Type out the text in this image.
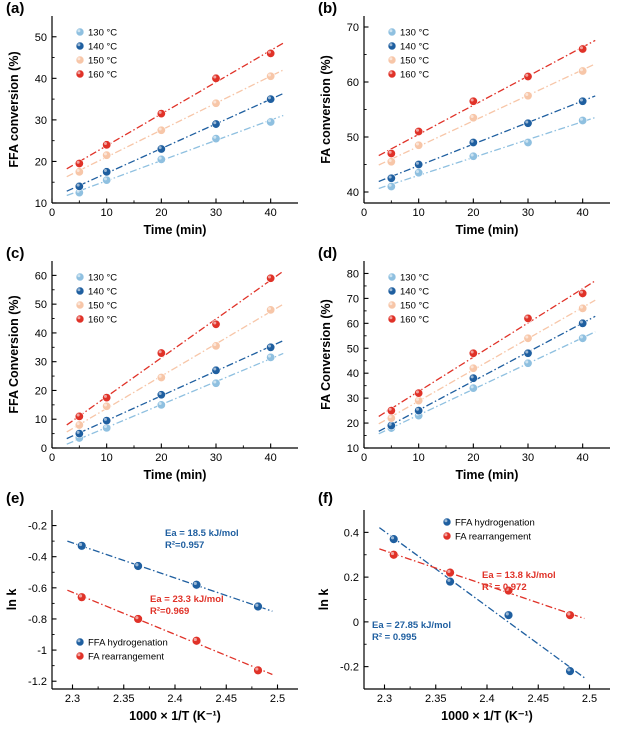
(a)
0	10	20	30	40
10
20
30
40
50
Time (min)
FFA conversion (%)
130 °C
140 °C
150 °C
160 °C
(b)
0	10	20	30	40
40
50
60
70
Time (min)
FA conversion (%)
130 °C
140 °C
150 °C
160 °C
(c)
0	10	20	30	40
0
10
20
30
40
50
60
Time (min)
FFA Conversion (%)
130 °C
140 °C
150 °C
160 °C
(d)
0	10	20	30	40
10
20
30
40
50
60
70
80
Time (min)
FA Conversion (%)
130 °C
140 °C
150 °C
160 °C
(e)
2.3	2.35	2.4	2.45	2.5
-1.2
-1
-0.8
-0.6
-0.4
-0.2
1000 × 1/T (K⁻¹)
ln k
FFA hydrogenation
FA rearrangement
Ea = 18.5 kJ/mol
R²=0.957
Ea = 23.3 kJ/mol
R²=0.969
(f)
2.3	2.35	2.4	2.45	2.5
-0.2
0
0.2
0.4
1000 × 1/T (K⁻¹)
ln k
FFA hydrogenation
FA rearrangement
Ea = 13.8 kJ/mol
R² = 0.972
Ea = 27.85 kJ/mol
R² = 0.995
